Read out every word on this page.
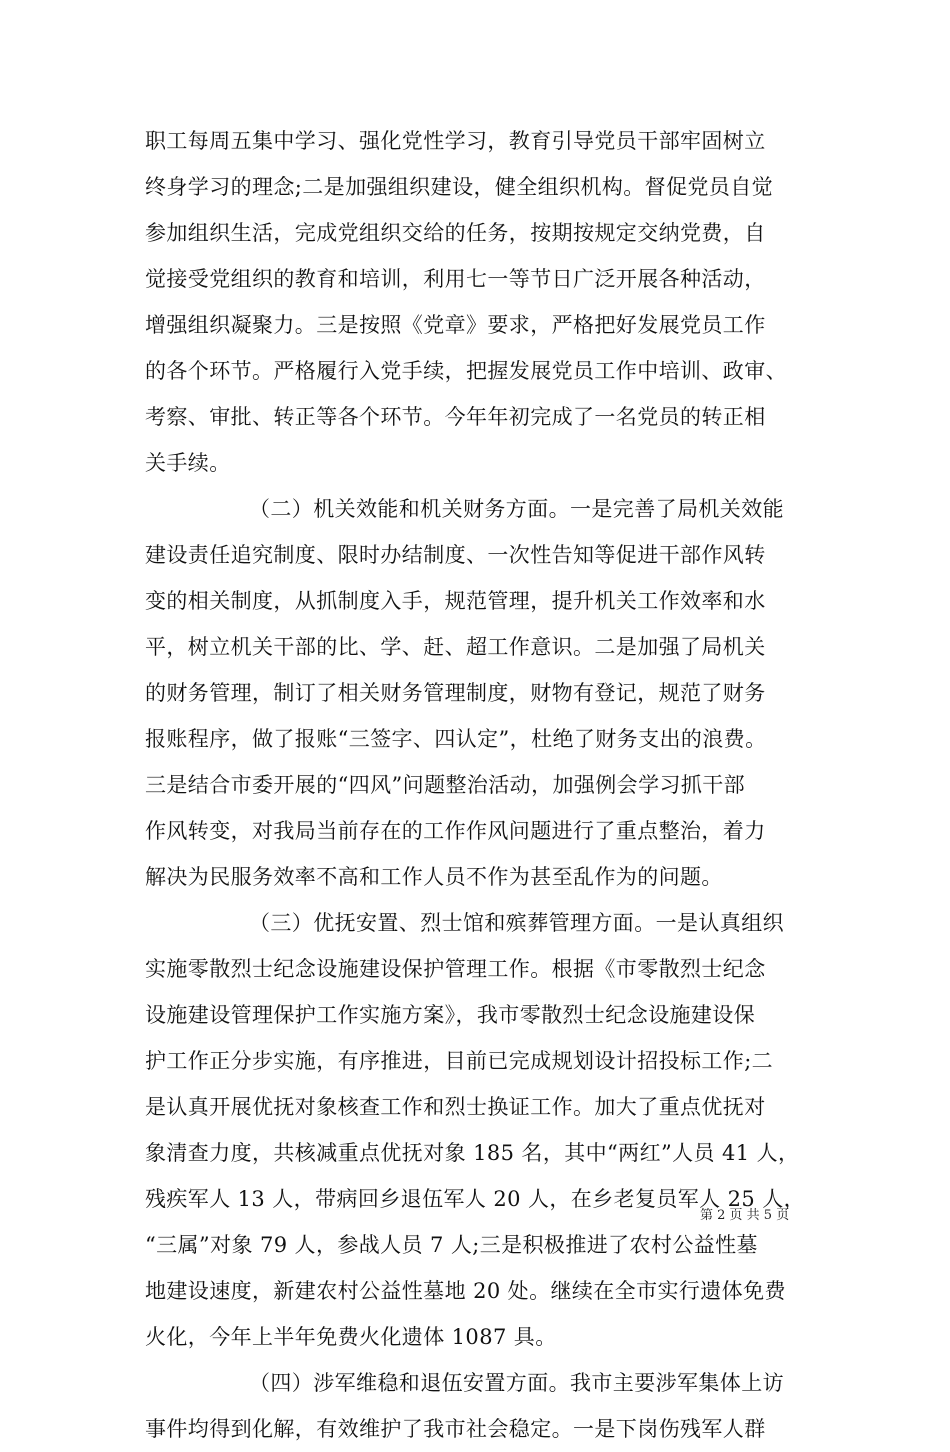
职工每周五集中学习、强化党性学习，教育引导党员干部牢固树立
终身学习的理念;二是加强组织建设，健全组织机构。督促党员自觉
参加组织生活，完成党组织交给的任务，按期按规定交纳党费，自
觉接受党组织的教育和培训，利用七一等节日广泛开展各种活动，
增强组织凝聚力。三是按照《党章》要求，严格把好发展党员工作
的各个环节。严格履行入党手续，把握发展党员工作中培训、政审、
考察、审批、转正等各个环节。今年年初完成了一名党员的转正相
关手续。
（二）机关效能和机关财务方面。一是完善了局机关效能
建设责任追究制度、限时办结制度、一次性告知等促进干部作风转
变的相关制度，从抓制度入手，规范管理，提升机关工作效率和水
平，树立机关干部的比、学、赶、超工作意识。二是加强了局机关
的财务管理，制订了相关财务管理制度，财物有登记，规范了财务
报账程序，做了报账“三签字、四认定”，杜绝了财务支出的浪费。
三是结合市委开展的“四风”问题整治活动，加强例会学习抓干部
作风转变，对我局当前存在的工作作风问题进行了重点整治，着力
解决为民服务效率不高和工作人员不作为甚至乱作为的问题。
（三）优抚安置、烈士馆和殡葬管理方面。一是认真组织
实施零散烈士纪念设施建设保护管理工作。根据《市零散烈士纪念
设施建设管理保护工作实施方案》，我市零散烈士纪念设施建设保
护工作正分步实施，有序推进，目前已完成规划设计招投标工作;二
是认真开展优抚对象核查工作和烈士换证工作。加大了重点优抚对
象清查力度，共核减重点优抚对象 185 名，其中“两红”人员 41 人，
残疾军人 13 人，带病回乡退伍军人 20 人，在乡老复员军人 25 人，
“三属”对象 79 人，参战人员 7 人;三是积极推进了农村公益性墓
地建设速度，新建农村公益性墓地 20 处。继续在全市实行遗体免费
火化，今年上半年免费火化遗体 1087 具。
（四）涉军维稳和退伍安置方面。我市主要涉军集体上访
事件均得到化解，有效维护了我市社会稳定。一是下岗伤残军人群
第 2 页 共 5 页
